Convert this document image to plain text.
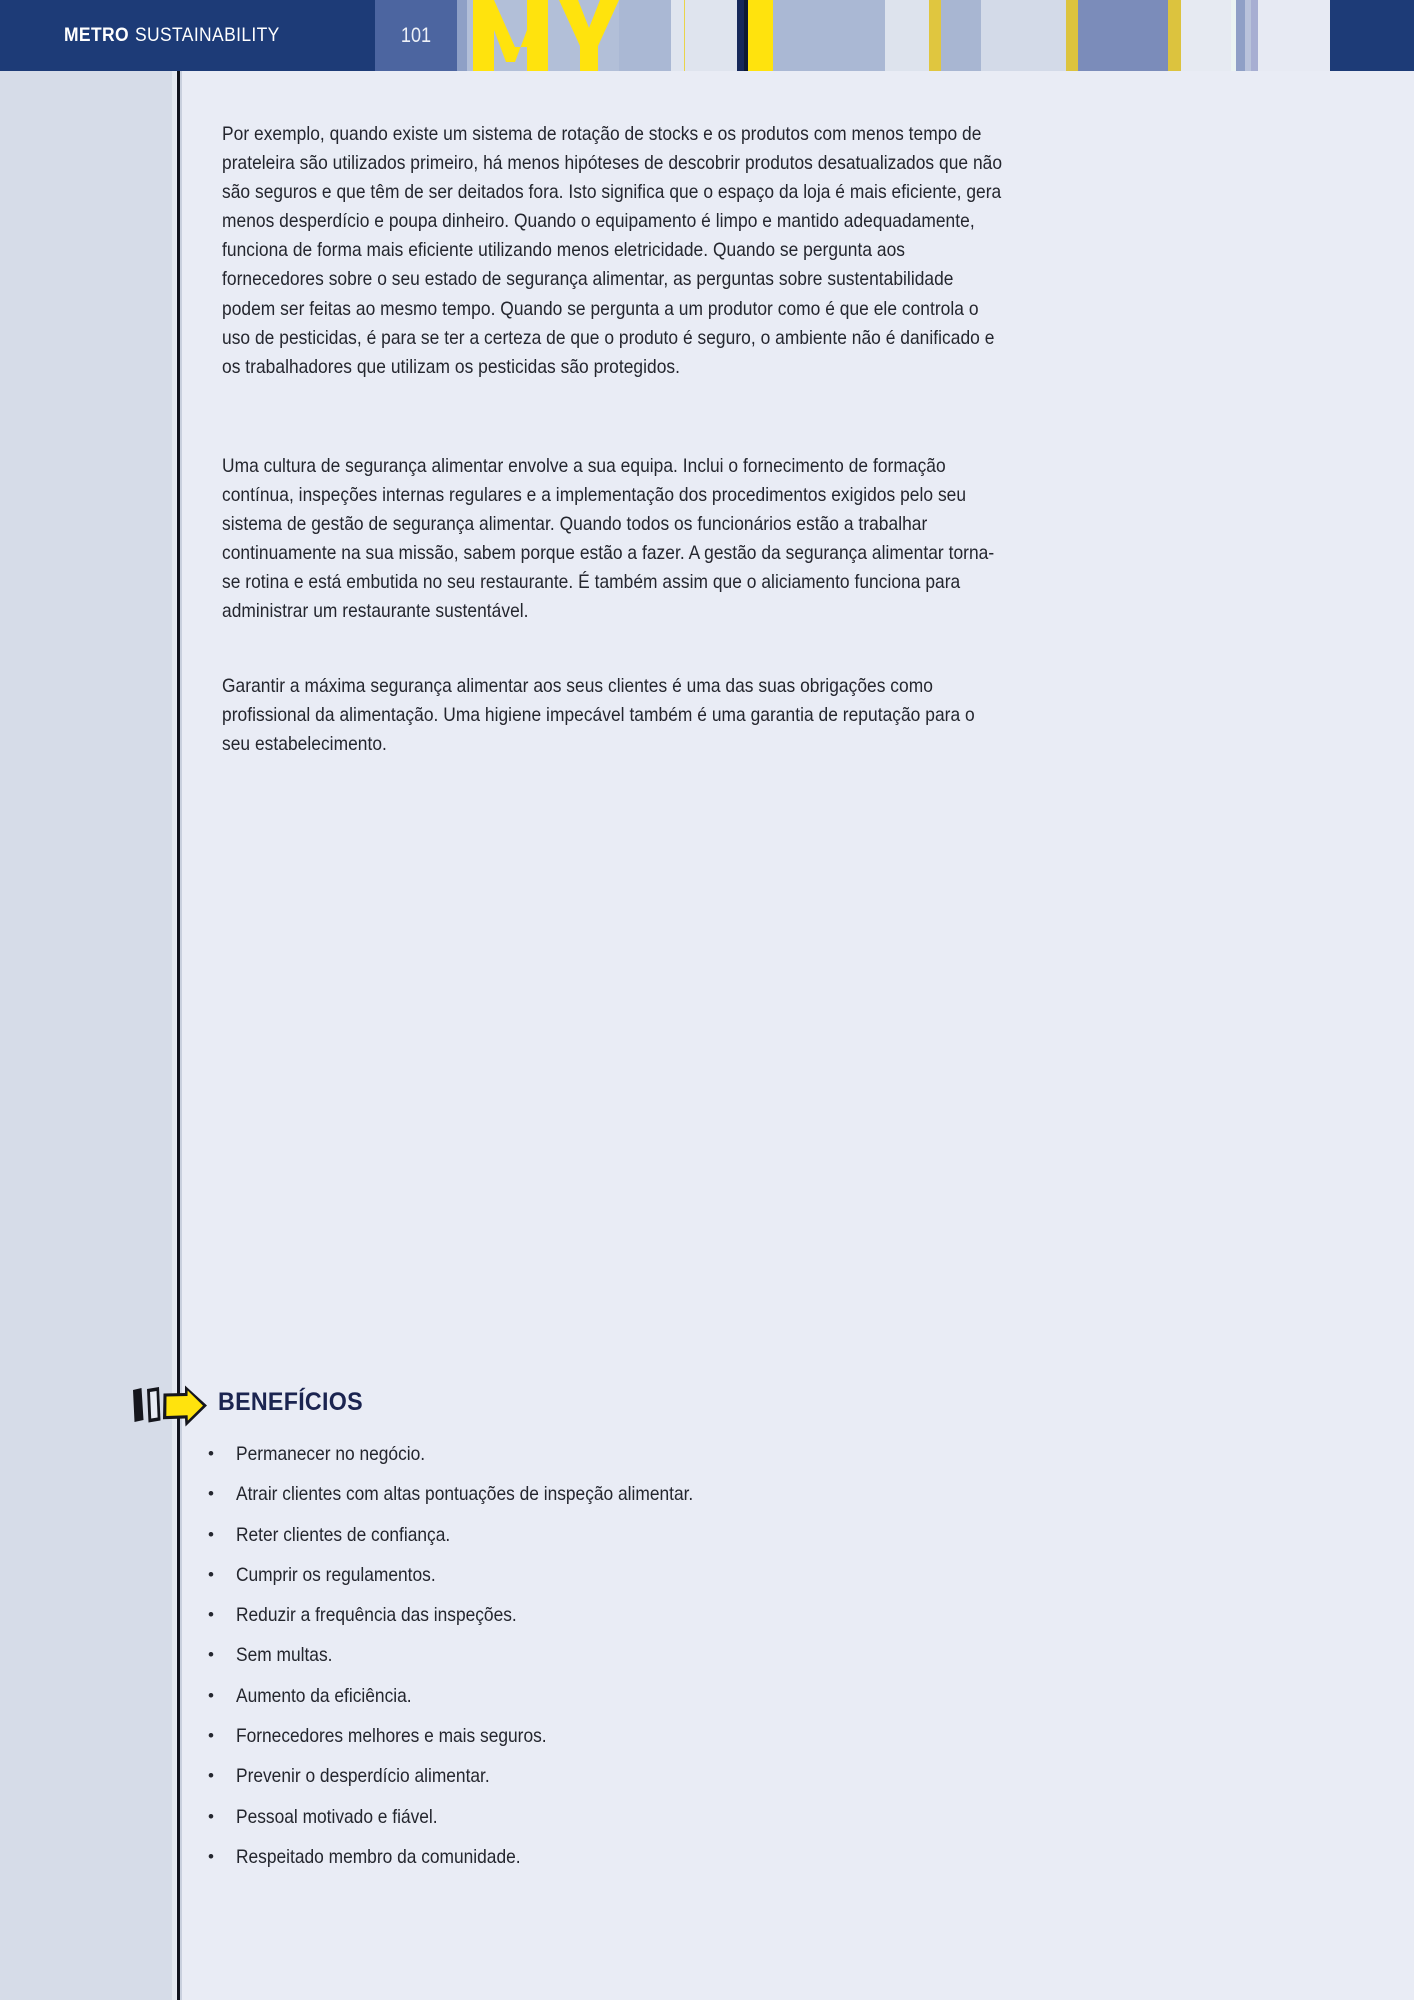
METRO SUSTAINABILITY	101

Por exemplo, quando existe um sistema de rotação de stocks e os produtos com menos tempo de prateleira são utilizados primeiro, há menos hipóteses de descobrir produtos desatualizados que não são seguros e que têm de ser deitados fora. Isto significa que o espaço da loja é mais eficiente, gera menos desperdício e poupa dinheiro. Quando o equipamento é limpo e mantido adequadamente, funciona de forma mais eficiente utilizando menos eletricidade. Quando se pergunta aos fornecedores sobre o seu estado de segurança alimentar, as perguntas sobre sustentabilidade podem ser feitas ao mesmo tempo. Quando se pergunta a um produtor como é que ele controla o uso de pesticidas, é para se ter a certeza de que o produto é seguro, o ambiente não é danificado e os trabalhadores que utilizam os pesticidas são protegidos.

Uma cultura de segurança alimentar envolve a sua equipa. Inclui o fornecimento de formação contínua, inspeções internas regulares e a implementação dos procedimentos exigidos pelo seu sistema de gestão de segurança alimentar. Quando todos os funcionários estão a trabalhar continuamente na sua missão, sabem porque estão a fazer. A gestão da segurança alimentar torna-se rotina e está embutida no seu restaurante. É também assim que o aliciamento funciona para administrar um restaurante sustentável.

Garantir a máxima segurança alimentar aos seus clientes é uma das suas obrigações como profissional da alimentação. Uma higiene impecável também é uma garantia de reputação para o seu estabelecimento.

BENEFÍCIOS
• Permanecer no negócio.
• Atrair clientes com altas pontuações de inspeção alimentar.
• Reter clientes de confiança.
• Cumprir os regulamentos.
• Reduzir a frequência das inspeções.
• Sem multas.
• Aumento da eficiência.
• Fornecedores melhores e mais seguros.
• Prevenir o desperdício alimentar.
• Pessoal motivado e fiável.
• Respeitado membro da comunidade.
